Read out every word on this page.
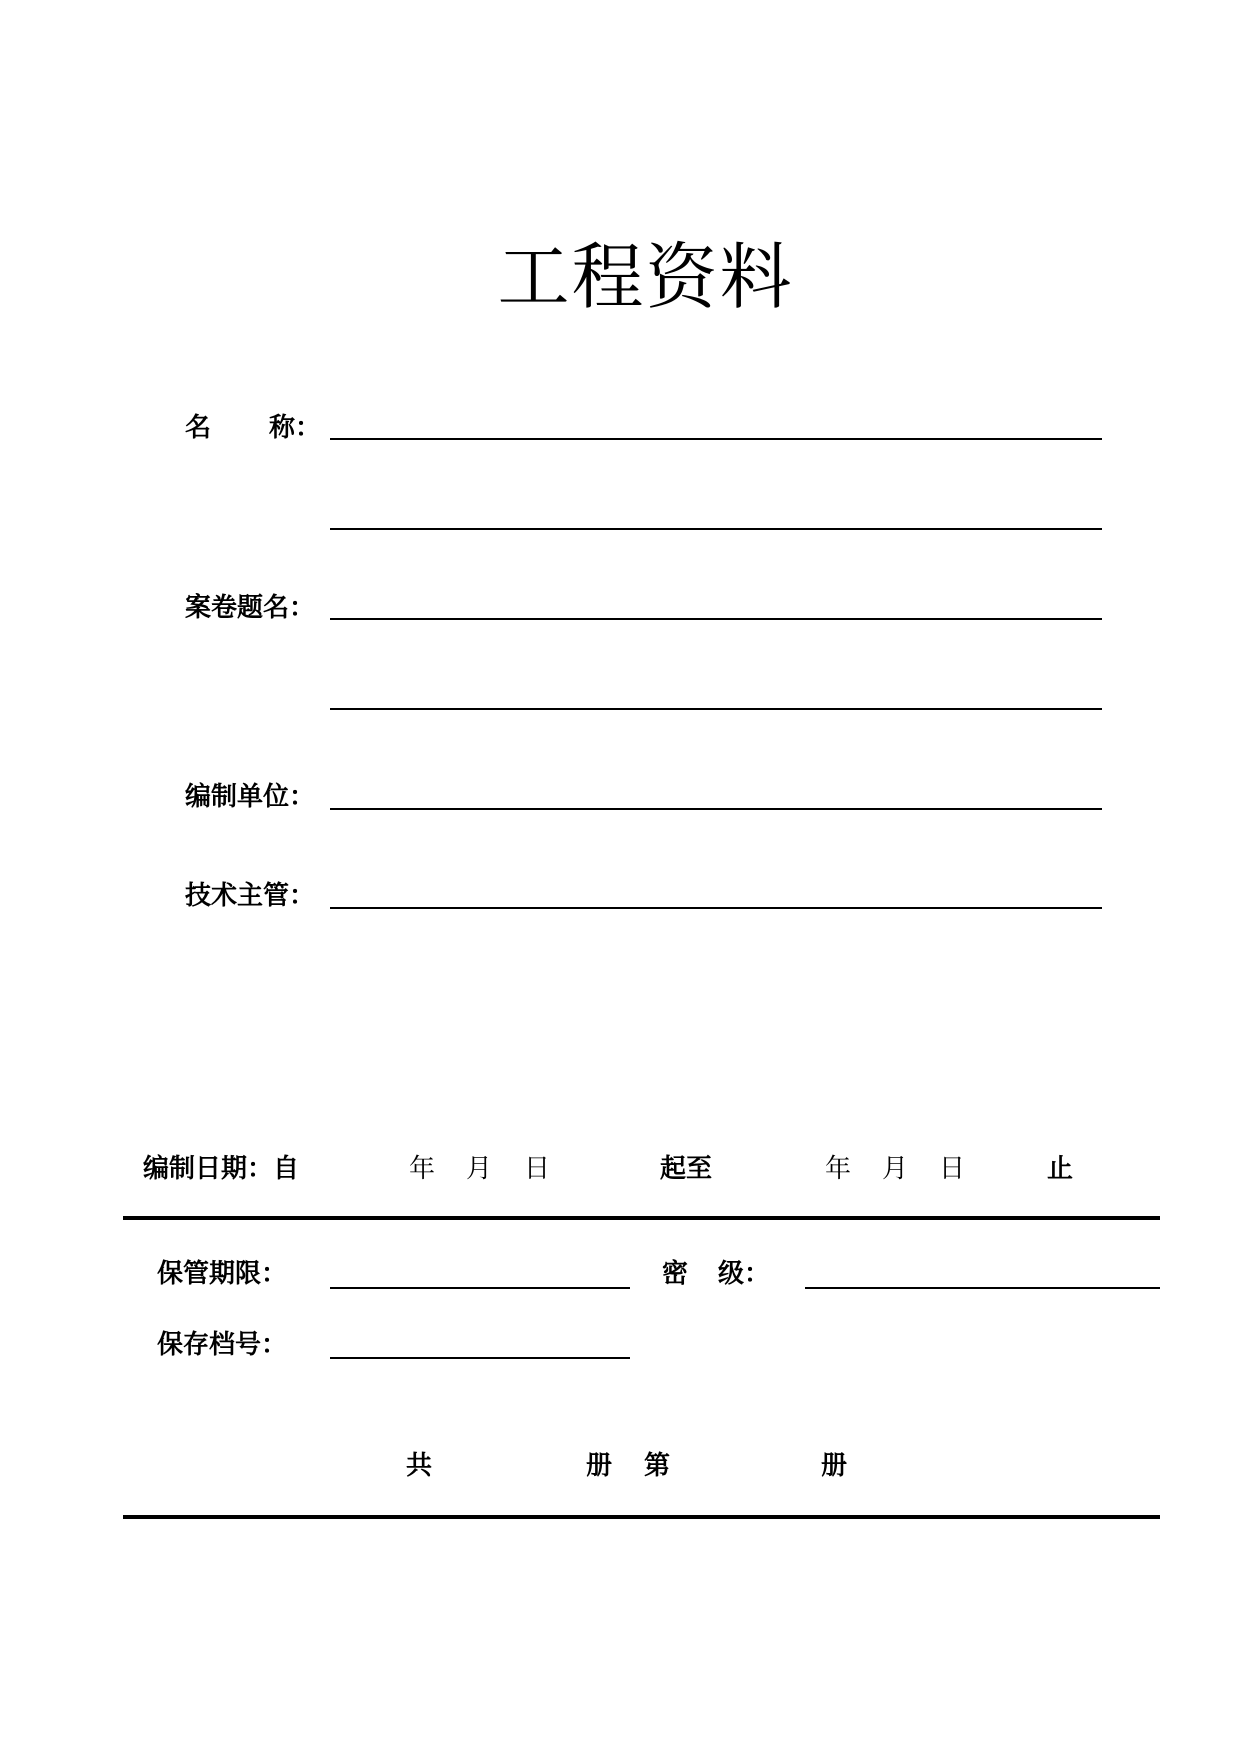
工程资料
名 称：
案卷题名：
编制单位：
技术主管：
编制日期：自	年 月 日	起至	年 月 日	止
保管期限：	密 级：
保存档号：
共	册 第	册
